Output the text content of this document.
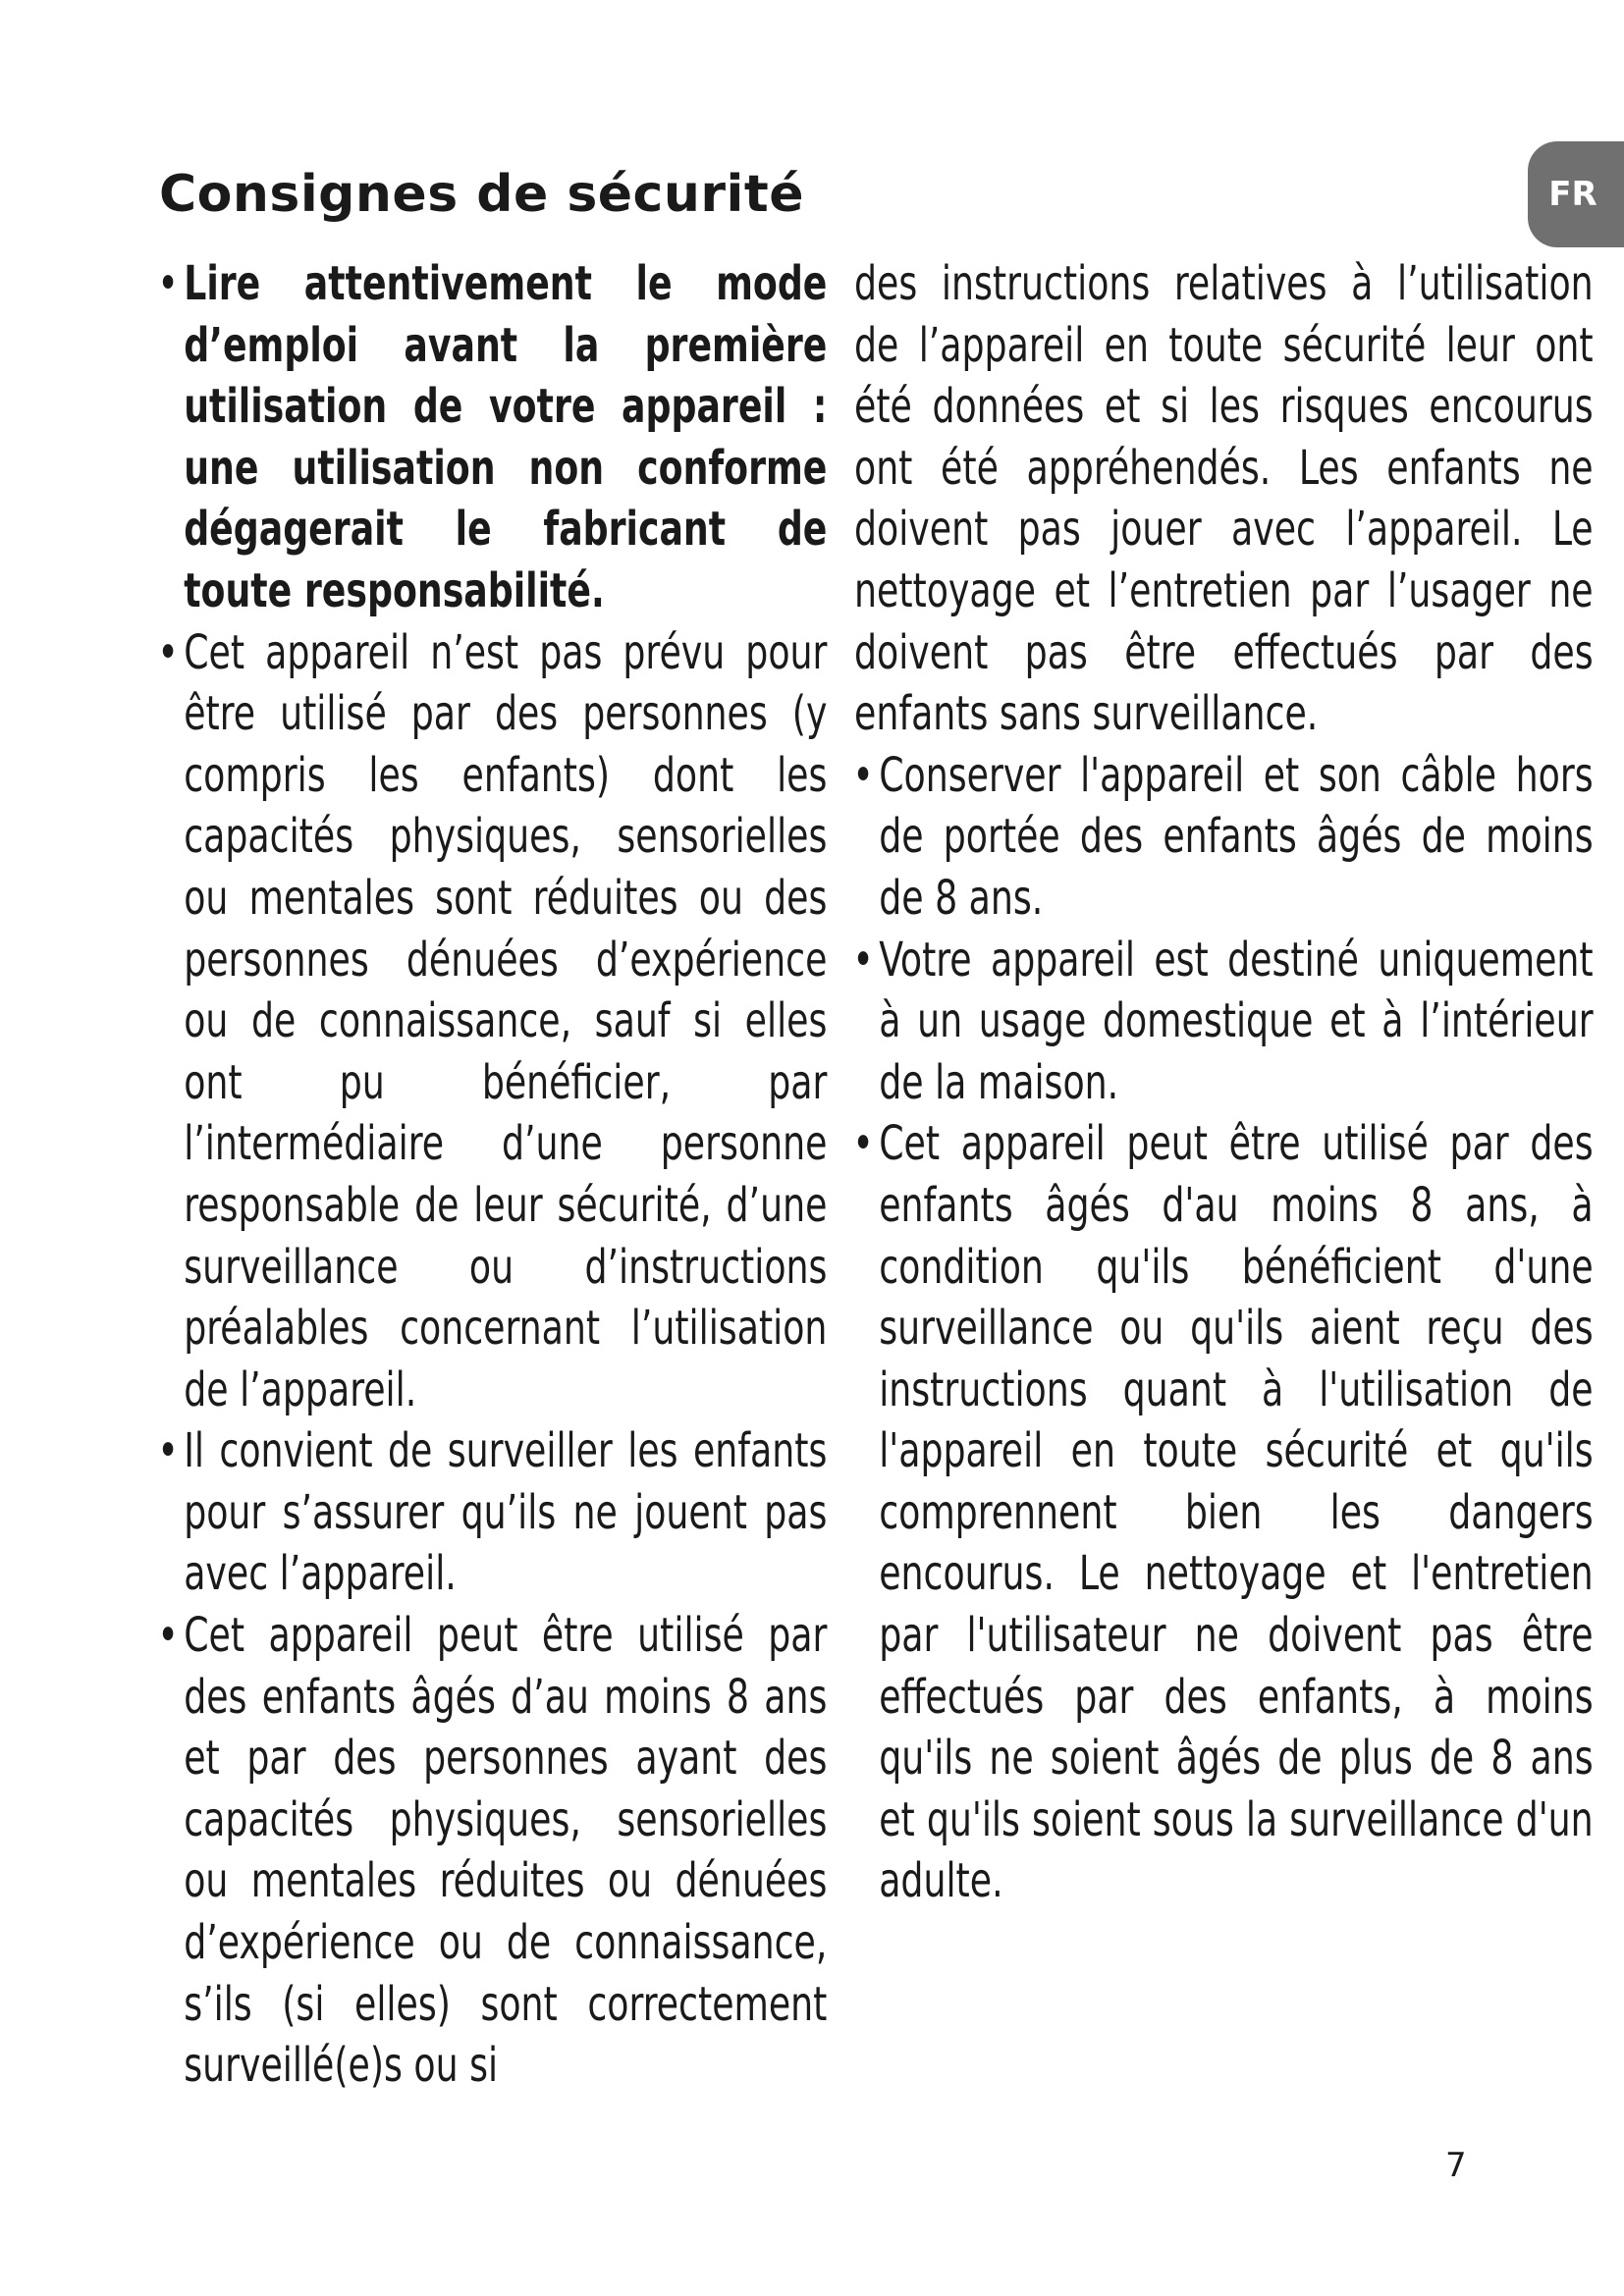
Consignes de sécurité	FR
• Lire attentivement le mode d’emploi avant la première utilisation de votre appareil : une utilisation non conforme dégagerait le fabricant de toute responsabilité.
• Cet appareil n’est pas prévu pour être utilisé par des personnes (y compris les enfants) dont les capacités physiques, sensorielles ou mentales sont réduites ou des personnes dénuées d’expérience ou de connaissance, sauf si elles ont pu bénéficier, par l’intermédiaire d’une personne responsable de leur sécurité, d’une surveillance ou d’instructions préalables concernant l’utilisation de l’appareil.
• Il convient de surveiller les enfants pour s’assurer qu’ils ne jouent pas avec l’appareil.
• Cet appareil peut être utilisé par des enfants âgés d’au moins 8 ans et par des personnes ayant des capacités physiques, sensorielles ou mentales réduites ou dénuées d’expérience ou de connaissance, s’ils (si elles) sont correctement surveillé(e)s ou si
des instructions relatives à l’utilisation de l’appareil en toute sécurité leur ont été données et si les risques encourus ont été appréhendés. Les enfants ne doivent pas jouer avec l’appareil. Le nettoyage et l’entretien par l’usager ne doivent pas être effectués par des enfants sans surveillance.
• Conserver l'appareil et son câble hors de portée des enfants âgés de moins de 8 ans.
• Votre appareil est destiné uniquement à un usage domestique et à l’intérieur de la maison.
• Cet appareil peut être utilisé par des enfants âgés d'au moins 8 ans, à condition qu'ils bénéficient d'une surveillance ou qu'ils aient reçu des instructions quant à l'utilisation de l'appareil en toute sécurité et qu'ils comprennent bien les dangers encourus. Le nettoyage et l'entretien par l'utilisateur ne doivent pas être effectués par des enfants, à moins qu'ils ne soient âgés de plus de 8 ans et qu'ils soient sous la surveillance d'un adulte.
7
